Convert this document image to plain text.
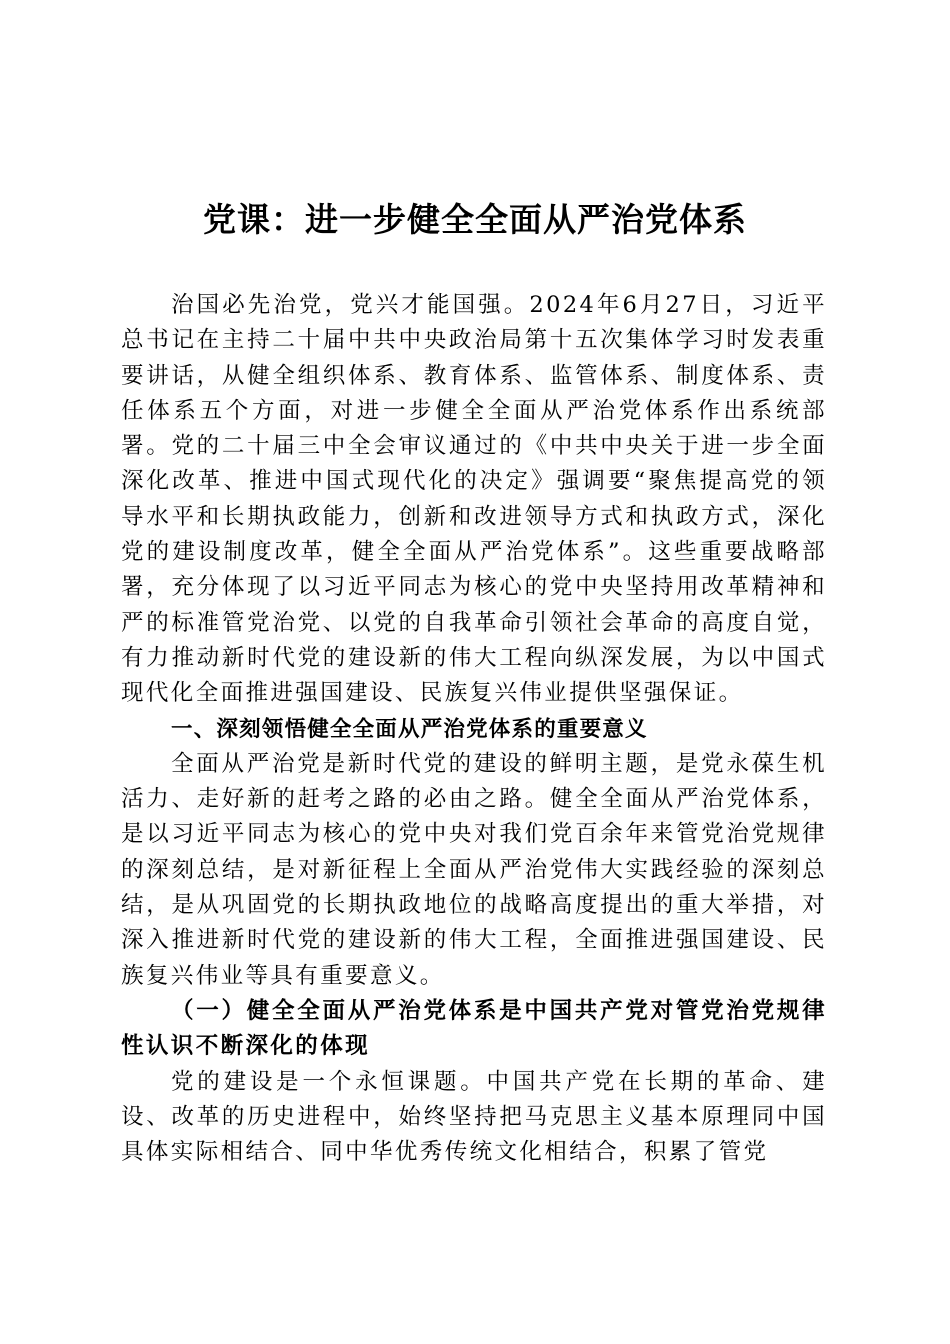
党课：进一步健全全面从严治党体系

治国必先治党，党兴才能国强。2024年6月27日，习近平总书记在主持二十届中共中央政治局第十五次集体学习时发表重要讲话，从健全组织体系、教育体系、监管体系、制度体系、责任体系五个方面，对进一步健全全面从严治党体系作出系统部署。党的二十届三中全会审议通过的《中共中央关于进一步全面深化改革、推进中国式现代化的决定》强调要“聚焦提高党的领导水平和长期执政能力，创新和改进领导方式和执政方式，深化党的建设制度改革，健全全面从严治党体系”。这些重要战略部署，充分体现了以习近平同志为核心的党中央坚持用改革精神和严的标准管党治党、以党的自我革命引领社会革命的高度自觉，有力推动新时代党的建设新的伟大工程向纵深发展，为以中国式现代化全面推进强国建设、民族复兴伟业提供坚强保证。

一、深刻领悟健全全面从严治党体系的重要意义

全面从严治党是新时代党的建设的鲜明主题，是党永葆生机活力、走好新的赶考之路的必由之路。健全全面从严治党体系，是以习近平同志为核心的党中央对我们党百余年来管党治党规律的深刻总结，是对新征程上全面从严治党伟大实践经验的深刻总结，是从巩固党的长期执政地位的战略高度提出的重大举措，对深入推进新时代党的建设新的伟大工程，全面推进强国建设、民族复兴伟业等具有重要意义。

（一）健全全面从严治党体系是中国共产党对管党治党规律性认识不断深化的体现

党的建设是一个永恒课题。中国共产党在长期的革命、建设、改革的历史进程中，始终坚持把马克思主义基本原理同中国具体实际相结合、同中华优秀传统文化相结合，积累了管党
